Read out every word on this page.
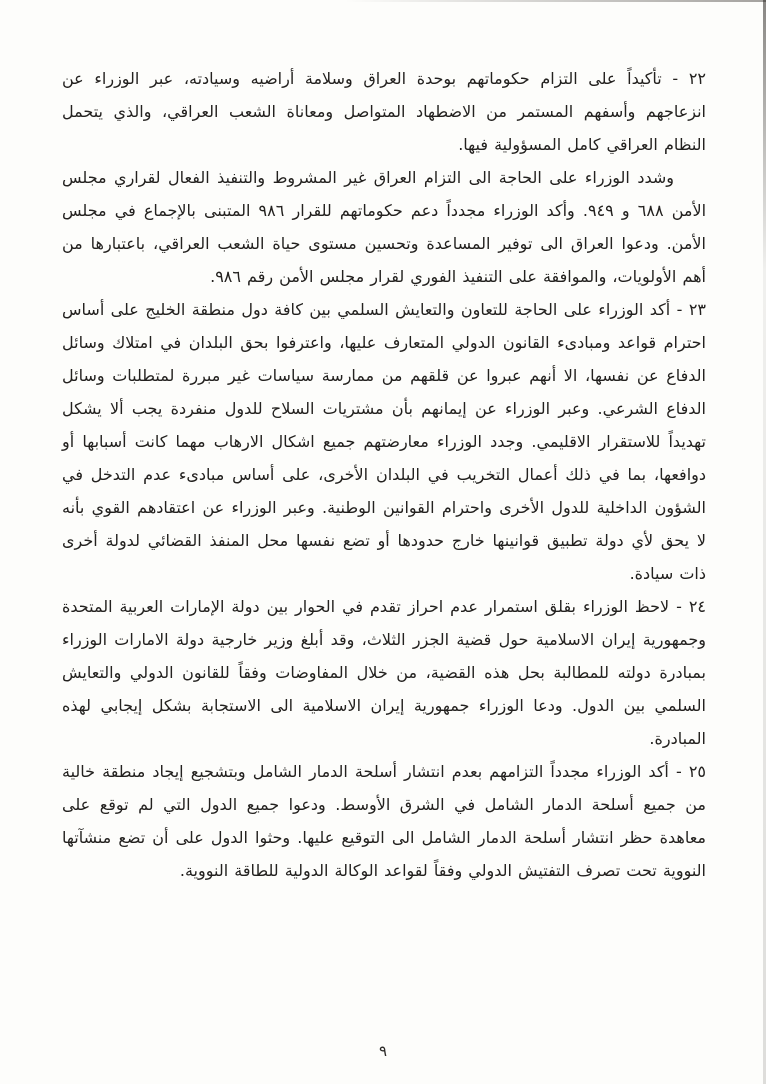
٢٢ - تأكيداً على التزام حكوماتهم بوحدة العراق وسلامة أراضيه وسيادته، عبر الوزراء عن انزعاجهم وأسفهم المستمر من الاضطهاد المتواصل ومعاناة الشعب العراقي، والذي يتحمل النظام العراقي كامل المسؤولية فيها.

وشدد الوزراء على الحاجة الى التزام العراق غير المشروط والتنفيذ الفعال لقراري مجلس الأمن ٦٨٨ و ٩٤٩. وأكد الوزراء مجدداً دعم حكوماتهم للقرار ٩٨٦ المتبنى بالإجماع في مجلس الأمن. ودعوا العراق الى توفير المساعدة وتحسين مستوى حياة الشعب العراقي، باعتبارها من أهم الأولويات، والموافقة على التنفيذ الفوري لقرار مجلس الأمن رقم ٩٨٦.

٢٣ - أكد الوزراء على الحاجة للتعاون والتعايش السلمي بين كافة دول منطقة الخليج على أساس احترام قواعد ومبادىء القانون الدولي المتعارف عليها، واعترفوا بحق البلدان في امتلاك وسائل الدفاع عن نفسها، الا أنهم عبروا عن قلقهم من ممارسة سياسات غير مبررة لمتطلبات وسائل الدفاع الشرعي. وعبر الوزراء عن إيمانهم بأن مشتريات السلاح للدول منفردة يجب ألا يشكل تهديداً للاستقرار الاقليمي. وجدد الوزراء معارضتهم جميع اشكال الارهاب مهما كانت أسبابها أو دوافعها، بما في ذلك أعمال التخريب في البلدان الأخرى، على أساس مبادىء عدم التدخل في الشؤون الداخلية للدول الأخرى واحترام القوانين الوطنية. وعبر الوزراء عن اعتقادهم القوي بأنه لا يحق لأي دولة تطبيق قوانينها خارج حدودها أو تضع نفسها محل المنفذ القضائي لدولة أخرى ذات سيادة.

٢٤ - لاحظ الوزراء بقلق استمرار عدم احراز تقدم في الحوار بين دولة الإمارات العربية المتحدة وجمهورية إيران الاسلامية حول قضية الجزر الثلاث، وقد أبلغ وزير خارجية دولة الامارات الوزراء بمبادرة دولته للمطالبة بحل هذه القضية، من خلال المفاوضات وفقاً للقانون الدولي والتعايش السلمي بين الدول. ودعا الوزراء جمهورية إيران الاسلامية الى الاستجابة بشكل إيجابي لهذه المبادرة.

٢٥ - أكد الوزراء مجدداً التزامهم بعدم انتشار أسلحة الدمار الشامل وبتشجيع إيجاد منطقة خالية من جميع أسلحة الدمار الشامل في الشرق الأوسط. ودعوا جميع الدول التي لم توقع على معاهدة حظر انتشار أسلحة الدمار الشامل الى التوقيع عليها. وحثوا الدول على أن تضع منشآتها النووية تحت تصرف التفتيش الدولي وفقاً لقواعد الوكالة الدولية للطاقة النووية.

٩
